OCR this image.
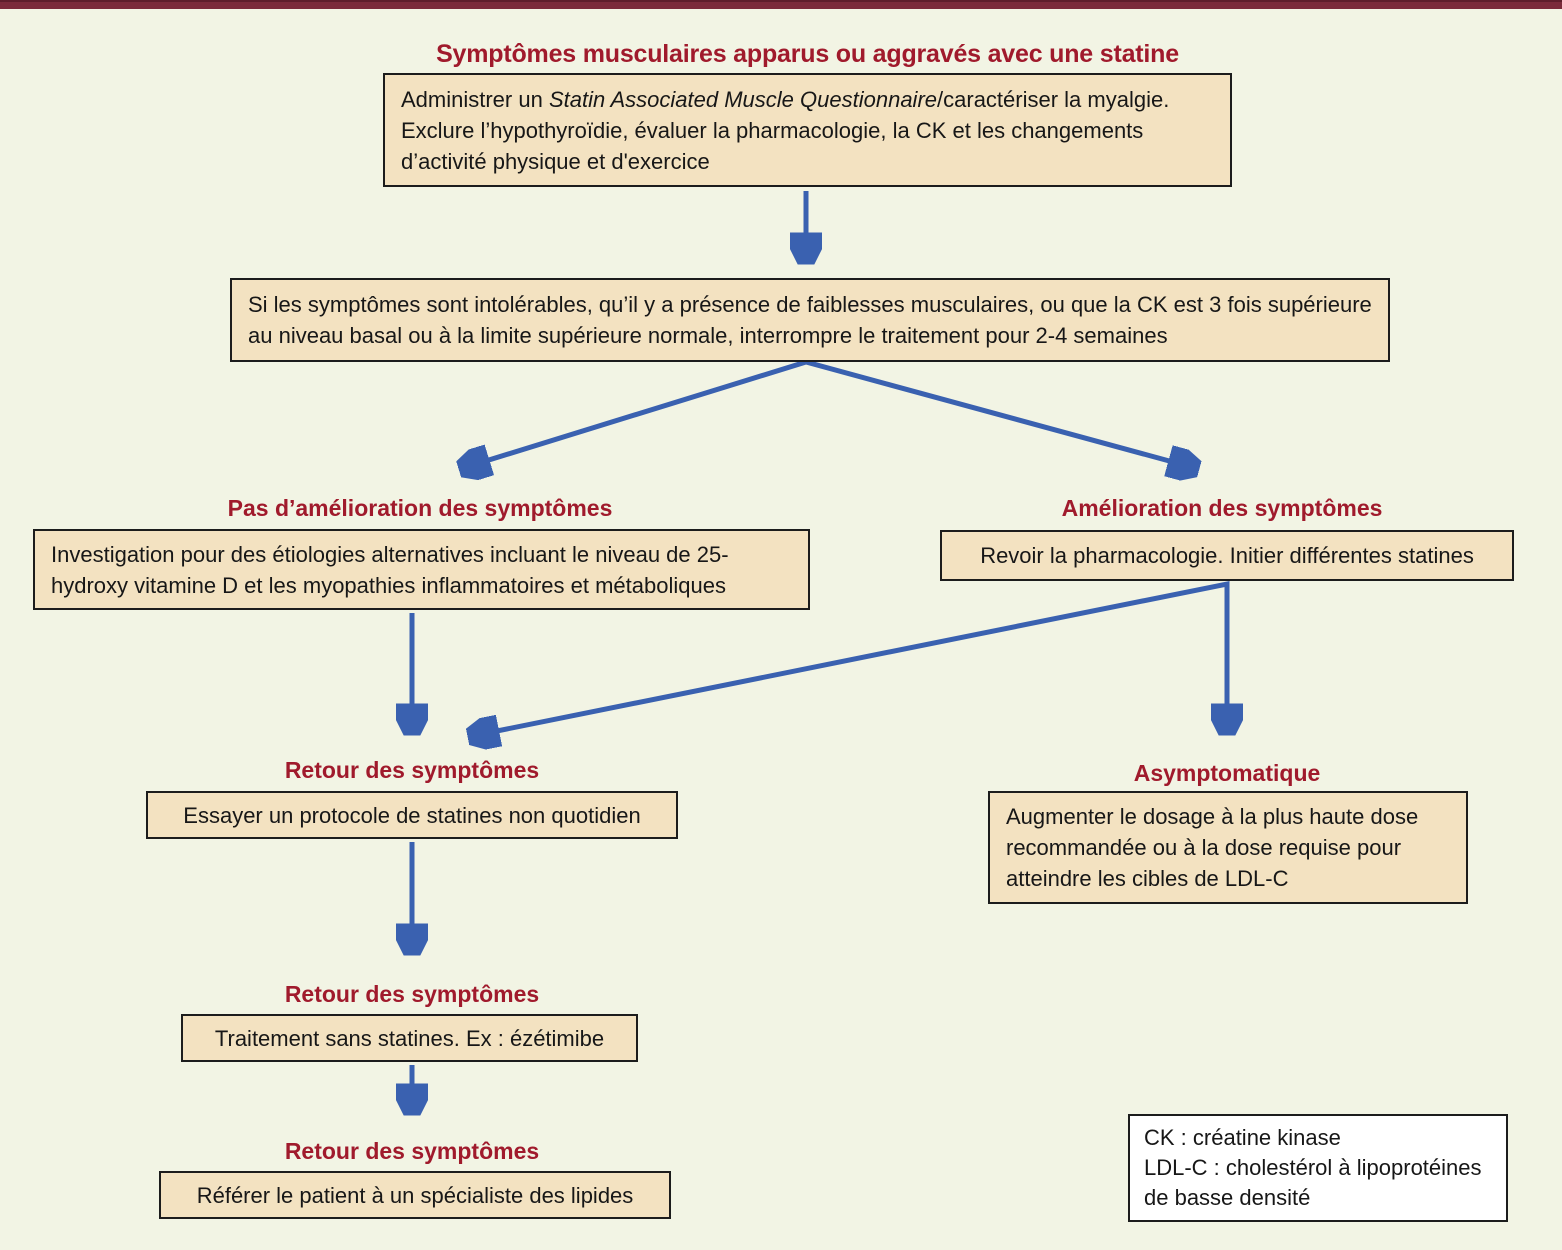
Symptômes musculaires apparus ou aggravés avec une statine
Administrer un Statin Associated Muscle Questionnaire/caractériser la myalgie. Exclure l’hypothyroïdie, évaluer la pharmacologie, la CK et les changements d’activité physique et d'exercice
Si les symptômes sont intolérables, qu’il y a présence de faiblesses musculaires, ou que la CK est 3 fois supérieure au niveau basal ou à la limite supérieure normale, interrompre le traitement pour 2-4 semaines
Pas d’amélioration des symptômes
Investigation pour des étiologies alternatives incluant le niveau de 25-hydroxy vitamine D et les myopathies inflammatoires et métaboliques
Amélioration des symptômes
Revoir la pharmacologie. Initier différentes statines
Retour des symptômes
Essayer un protocole de statines non quotidien
Asymptomatique
Augmenter le dosage à la plus haute dose recommandée ou à la dose requise pour atteindre les cibles de LDL-C
Retour des symptômes
Traitement sans statines. Ex : ézétimibe
Retour des symptômes
Référer le patient à un spécialiste des lipides
CK : créatine kinase
LDL-C : cholestérol à lipoprotéines de basse densité
